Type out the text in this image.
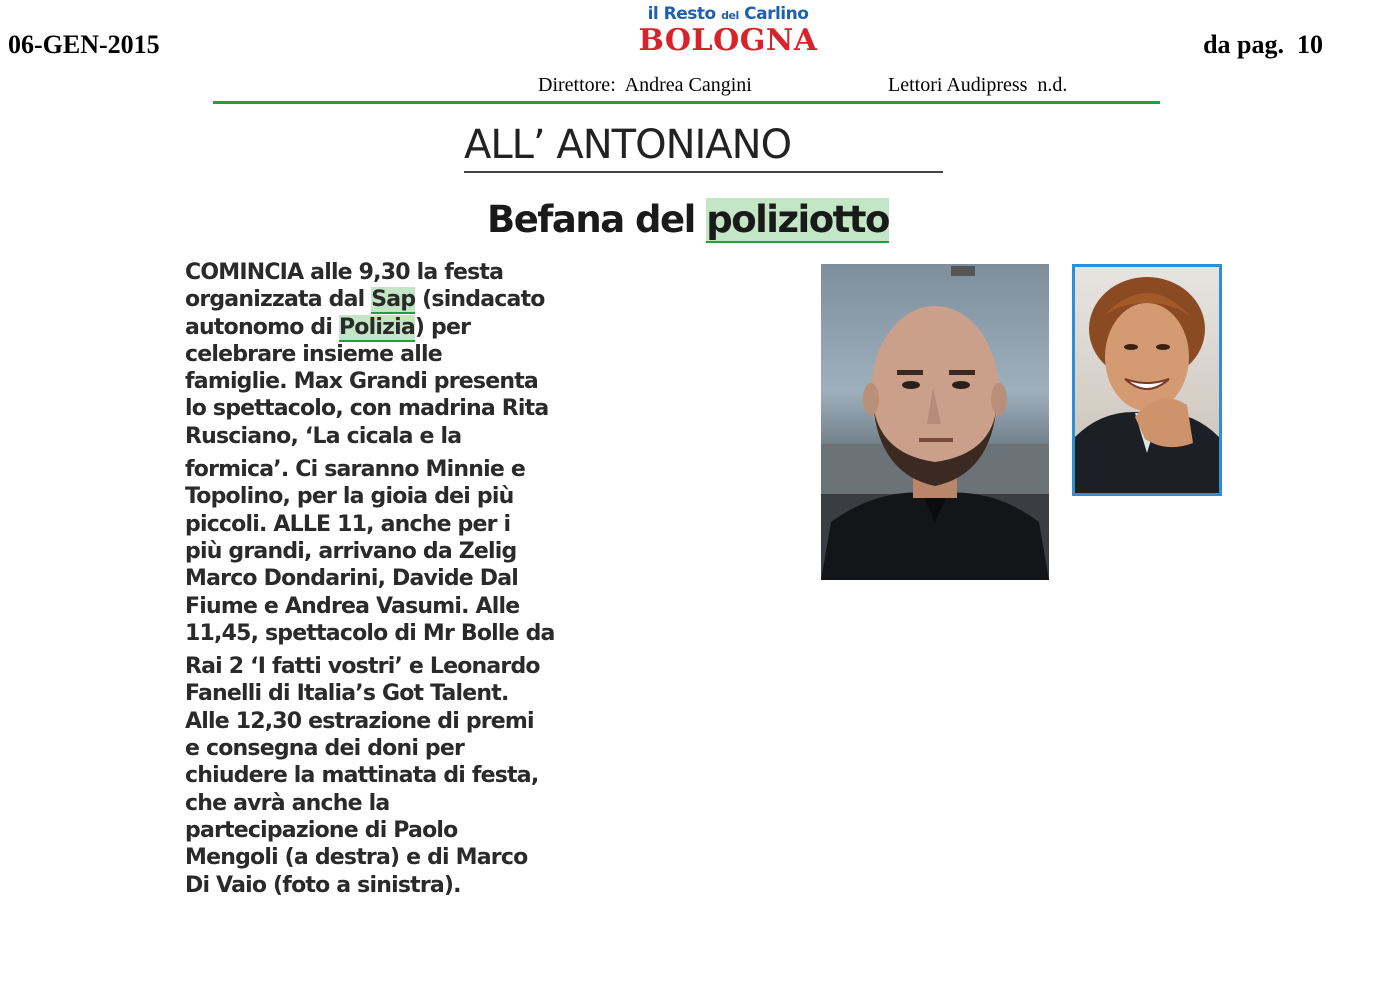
06-GEN-2015
il Resto del Carlino
BOLOGNA	da pag.  10
Direttore:  Andrea Cangini	Lettori Audipress  n.d.
ALL’ ANTONIANO
Befana del poliziotto
COMINCIA alle 9,30 la festa
organizzata dal Sap (sindacato
autonomo di Polizia) per
celebrare insieme alle
famiglie. Max Grandi presenta
lo spettacolo, con madrina Rita
Rusciano, ‘La cicala e la
formica’. Ci saranno Minnie e
Topolino, per la gioia dei più
piccoli. ALLE 11, anche per i
più grandi, arrivano da Zelig
Marco Dondarini, Davide Dal
Fiume e Andrea Vasumi. Alle
11,45, spettacolo di Mr Bolle da
Rai 2 ‘I fatti vostri’ e Leonardo
Fanelli di Italia’s Got Talent.
Alle 12,30 estrazione di premi
e consegna dei doni per
chiudere la mattinata di festa,
che avrà anche la
partecipazione di Paolo
Mengoli (a destra) e di Marco
Di Vaio (foto a sinistra).
